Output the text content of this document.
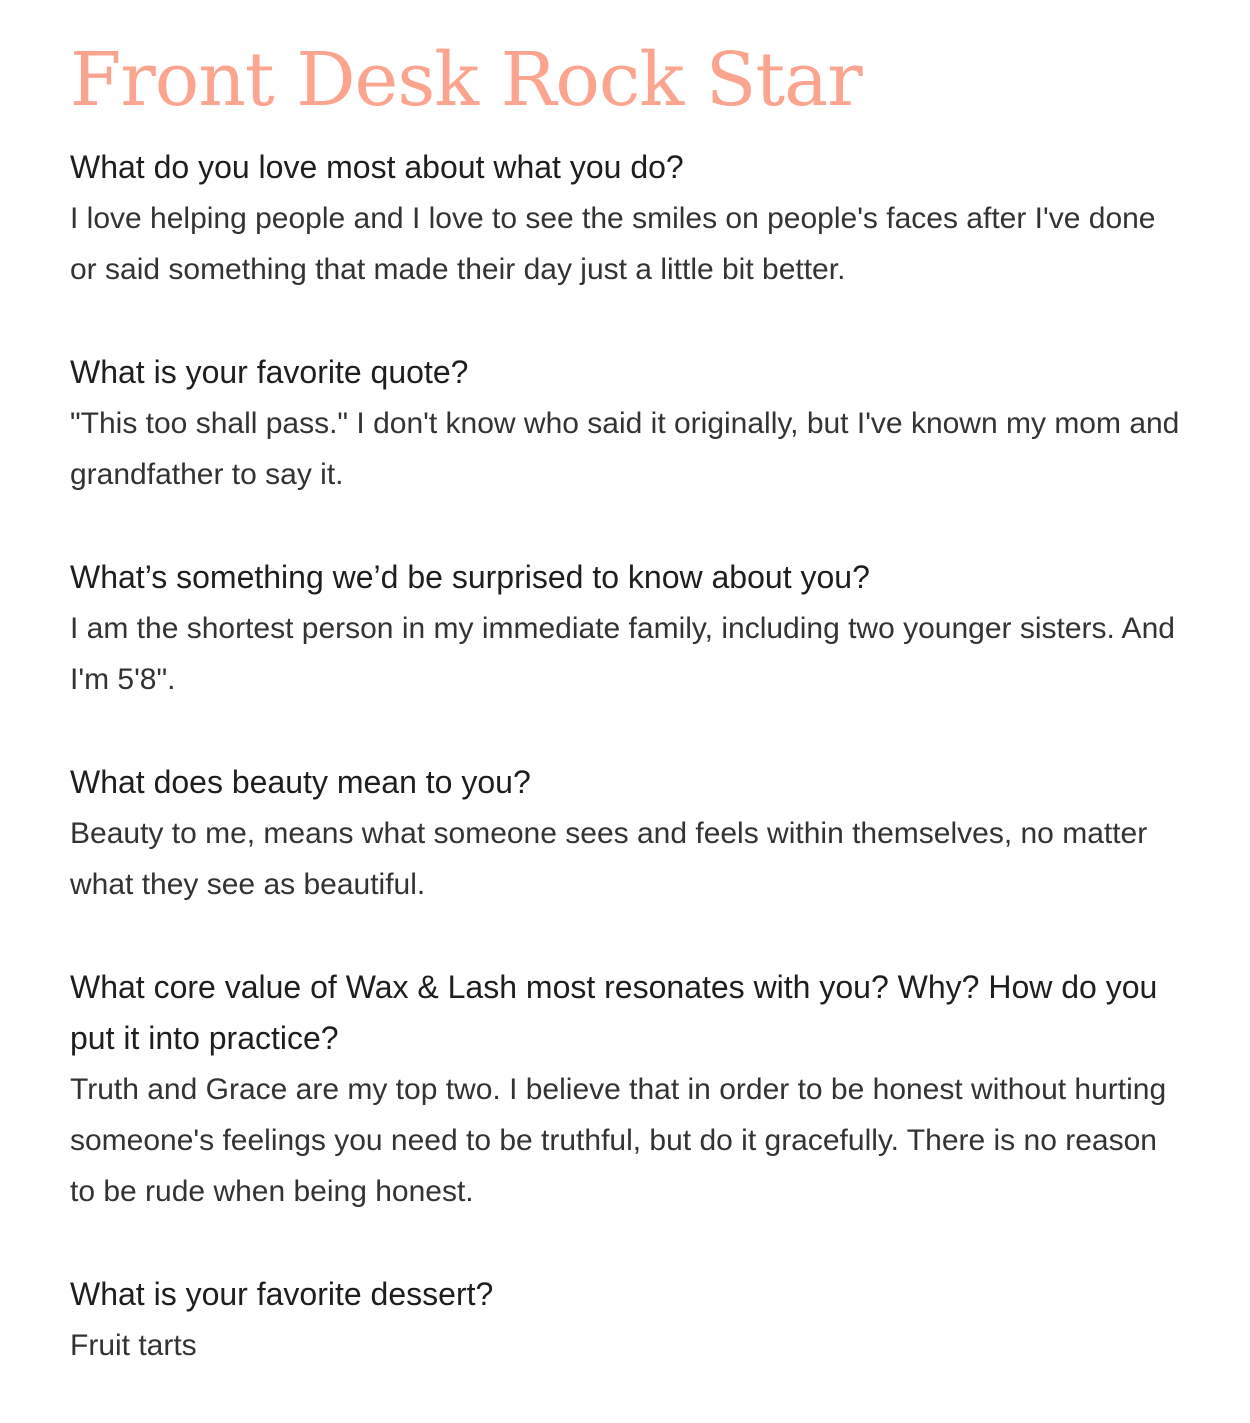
Front Desk Rock Star

What do you love most about what you do?

I love helping people and I love to see the smiles on people's faces after I've done or said something that made their day just a little bit better.

What is your favorite quote?

"This too shall pass." I don't know who said it originally, but I've known my mom and grandfather to say it.

What’s something we’d be surprised to know about you?

I am the shortest person in my immediate family, including two younger sisters. And I'm 5'8".

What does beauty mean to you?

Beauty to me, means what someone sees and feels within themselves, no matter what they see as beautiful.

What core value of Wax & Lash most resonates with you? Why? How do you put it into practice?

Truth and Grace are my top two. I believe that in order to be honest without hurting someone's feelings you need to be truthful, but do it gracefully. There is no reason to be rude when being honest.

What is your favorite dessert?

Fruit tarts
